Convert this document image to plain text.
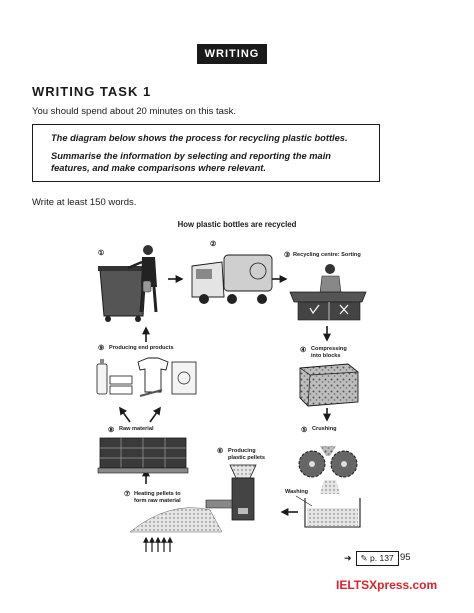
WRITING
WRITING TASK 1
You should spend about 20 minutes on this task.

The diagram below shows the process for recycling plastic bottles.

Summarise the information by selecting and reporting the main features, and make comparisons where relevant.

Write at least 150 words.
How plastic bottles are recycled
①
②
③ Recycling centre: Sorting
④ Compressing
into blocks
⑤ Crushing
Washing
⑥ Producing
plastic pellets
⑦ Heating pellets to
form raw material
⑧ Raw material
⑨ Producing end products
➜	✎ p. 137 95
IELTSXpress.com
